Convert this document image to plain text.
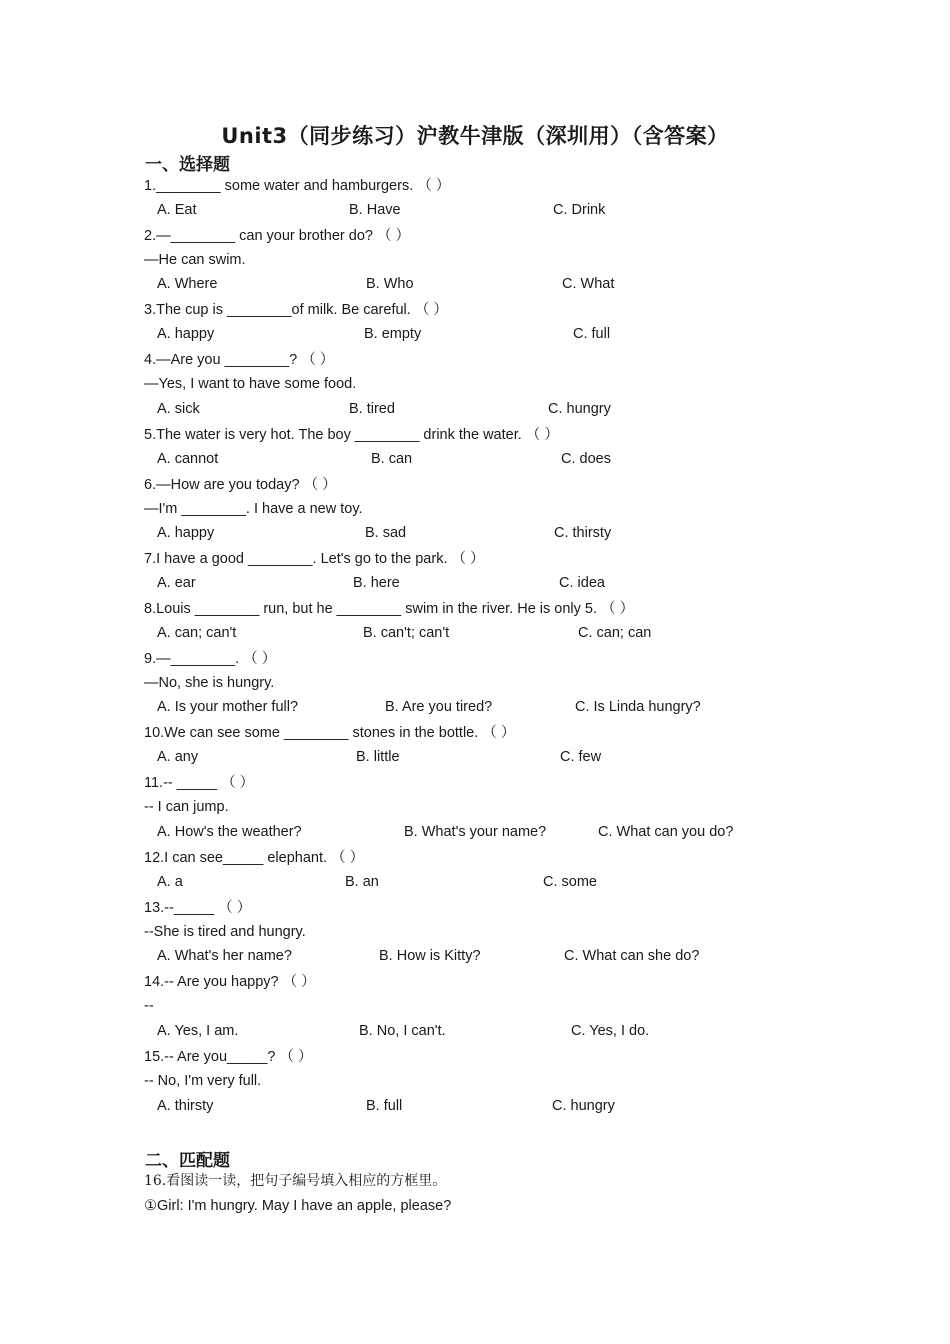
Unit3（同步练习）沪教牛津版（深圳用）（含答案）
一、选择题
1.________ some water and hamburgers. （ ）
A. Eat	B. Have	C. Drink
2.—________ can your brother do? （ ）
—He can swim.
A. Where	B. Who	C. What
3.The cup is ________of milk. Be careful. （ ）
A. happy	B. empty	C. full
4.—Are you ________? （ ）
—Yes, I want to have some food.
A. sick	B. tired	C. hungry
5.The water is very hot. The boy ________ drink the water. （ ）
A. cannot	B. can	C. does
6.—How are you today? （ ）
—I'm ________. I have a new toy.
A. happy	B. sad	C. thirsty
7.I have a good ________. Let's go to the park. （ ）
A. ear	B. here	C. idea
8.Louis ________ run, but he ________ swim in the river. He is only 5. （ ）
A. can; can't	B. can't; can't	C. can; can
9.—________. （ ）
—No, she is hungry.
A. Is your mother full?	B. Are you tired?	C. Is Linda hungry?
10.We can see some ________ stones in the bottle. （ ）
A. any	B. little	C. few
11.-- _____ （ ）
-- I can jump.
A. How's the weather?	B. What's your name?	C. What can you do?
12.I can see_____ elephant. （ ）
A. a	B. an	C. some
13.--_____ （ ）
--She is tired and hungry.
A. What's her name?	B. How is Kitty?	C. What can she do?
14.-- Are you happy? （ ）
--
A. Yes, I am.	B. No, I can't.	C. Yes, I do.
15.-- Are you_____? （ ）
-- No, I'm very full.
A. thirsty	B. full	C. hungry
二、匹配题
16.看图读一读，把句子编号填入相应的方框里。
①Girl: I'm hungry. May I have an apple, please?
